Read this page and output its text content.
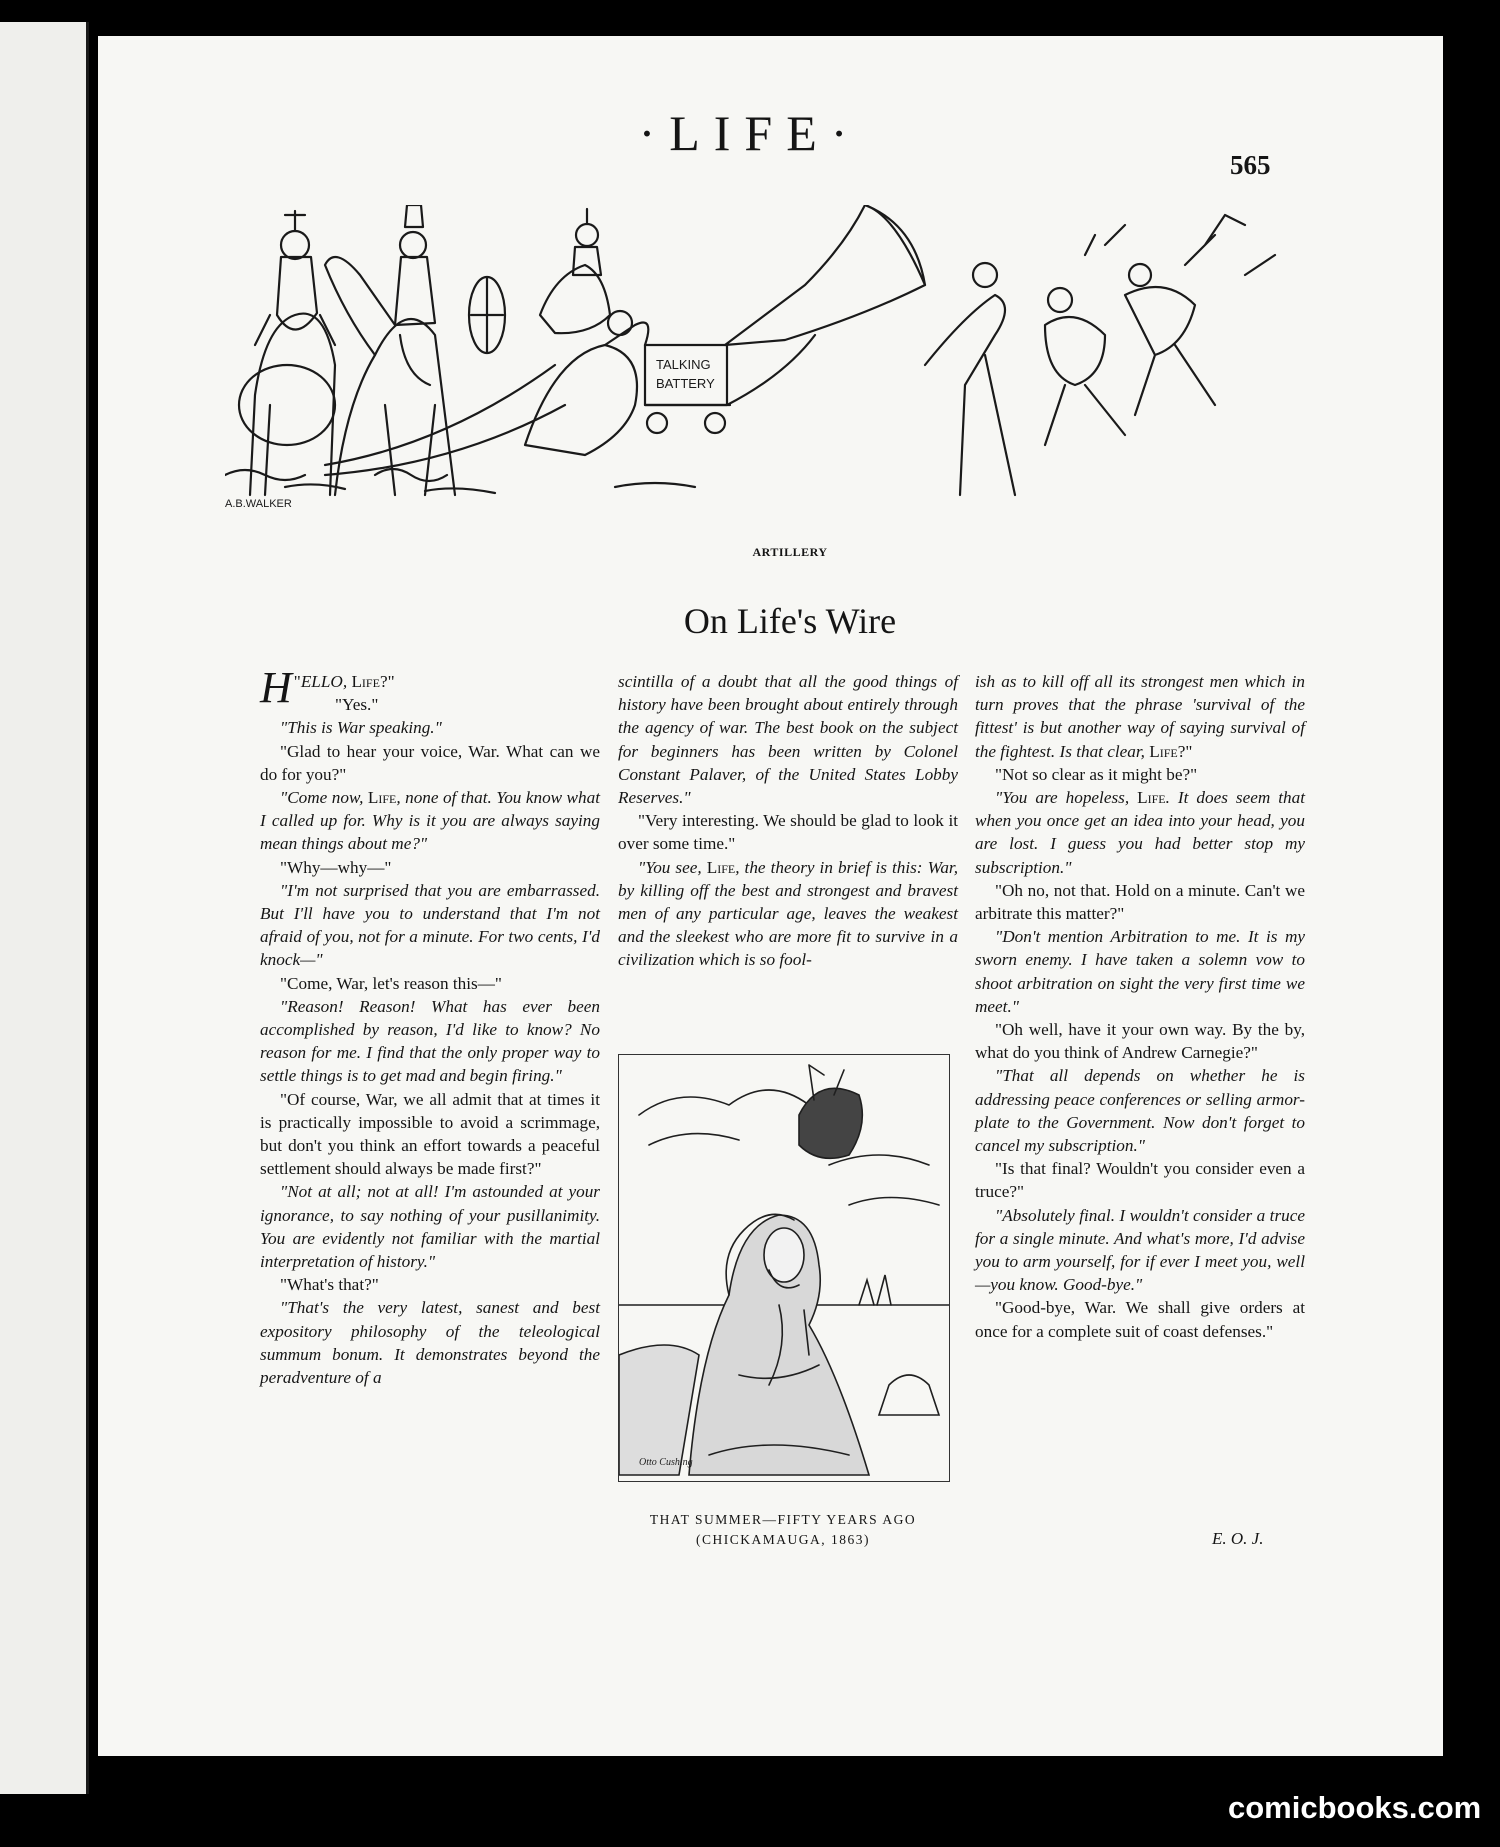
·LIFE·
565
TALKING
BATTERY
A.B.WALKER
ARTILLERY
On Life's Wire

"
H ELLO, Life?"
"Yes."

"This is War speaking."

"Glad to hear your voice, War. What can we do for you?"

"Come now, Life, none of that. You know what I called up for. Why is it you are always saying mean things about me?"

"Why—why—"

"I'm not surprised that you are embarrassed. But I'll have you to understand that I'm not afraid of you, not for a minute. For two cents, I'd knock—"

"Come, War, let's reason this—"

"Reason! Reason! What has ever been accomplished by reason, I'd like to know? No reason for me. I find that the only proper way to settle things is to get mad and begin firing."

"Of course, War, we all admit that at times it is practically impossible to avoid a scrimmage, but don't you think an effort towards a peaceful settlement should always be made first?"

"Not at all; not at all! I'm astounded at your ignorance, to say nothing of your pusillanimity. You are evidently not familiar with the martial interpretation of history."

"What's that?"

"That's the very latest, sanest and best expository philosophy of the teleological summum bonum. It demonstrates beyond the peradventure of a

scintilla of a doubt that all the good things of history have been brought about entirely through the agency of war. The best book on the subject for beginners has been written by Colonel Constant Palaver, of the United States Lobby Reserves."

"Very interesting. We should be glad to look it over some time."

"You see, Life, the theory in brief is this: War, by killing off the best and strongest and bravest men of any particular age, leaves the weakest and the sleekest who are more fit to survive in a civilization which is so fool-

Otto Cushing
THAT SUMMER—FIFTY YEARS AGO
(CHICKAMAUGA, 1863)

ish as to kill off all its strongest men which in turn proves that the phrase 'survival of the fittest' is but another way of saying survival of the fightest. Is that clear, Life?"

"Not so clear as it might be?"

"You are hopeless, Life. It does seem that when you once get an idea into your head, you are lost. I guess you had better stop my subscription."

"Oh no, not that. Hold on a minute. Can't we arbitrate this matter?"

"Don't mention Arbitration to me. It is my sworn enemy. I have taken a solemn vow to shoot arbitration on sight the very first time we meet."

"Oh well, have it your own way. By the by, what do you think of Andrew Carnegie?"

"That all depends on whether he is addressing peace conferences or selling armor-plate to the Government. Now don't forget to cancel my subscription."

"Is that final? Wouldn't you consider even a truce?"

"Absolutely final. I wouldn't consider a truce for a single minute. And what's more, I'd advise you to arm yourself, for if ever I meet you, well —you know. Good-bye."

"Good-bye, War. We shall give orders at once for a complete suit of coast defenses."

E. O. J.
comicbooks.com
